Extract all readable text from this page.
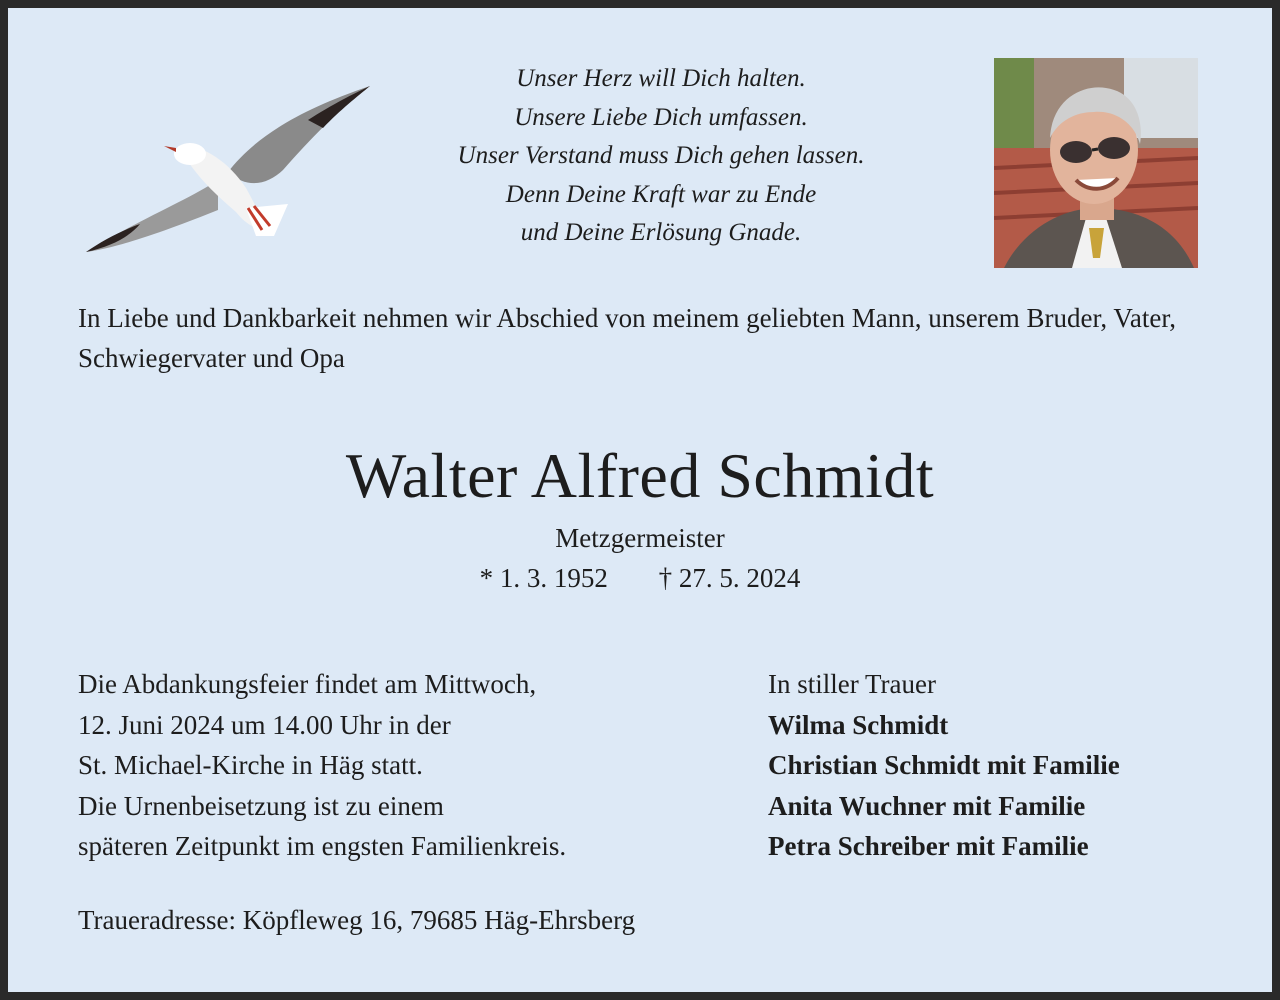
Unser Herz will Dich halten.
Unsere Liebe Dich umfassen.
Unser Verstand muss Dich gehen lassen.
Denn Deine Kraft war zu Ende
und Deine Erlösung Gnade.
In Liebe und Dankbarkeit nehmen wir Abschied von meinem geliebten Mann, unserem Bruder, Vater, Schwiegervater und Opa
Walter Alfred Schmidt
Metzgermeister
* 1. 3. 1952 † 27. 5. 2024
Die Abdankungsfeier findet am Mittwoch,
12. Juni 2024 um 14.00 Uhr in der
St. Michael-Kirche in Häg statt.
Die Urnenbeisetzung ist zu einem
späteren Zeitpunkt im engsten Familienkreis.
In stiller Trauer
Wilma Schmidt
Christian Schmidt mit Familie
Anita Wuchner mit Familie
Petra Schreiber mit Familie
Traueradresse: Köpfleweg 16, 79685 Häg-Ehrsberg
